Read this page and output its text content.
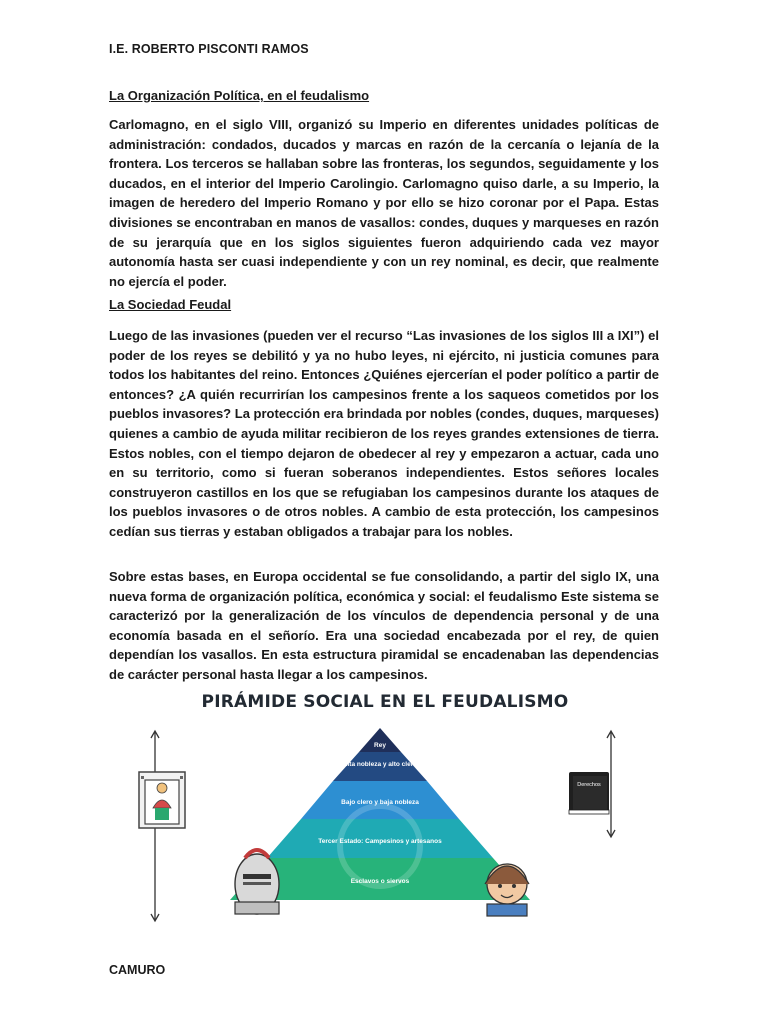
I.E. ROBERTO PISCONTI RAMOS
La Organización Política, en el feudalismo
Carlomagno, en el siglo VIII, organizó su Imperio en diferentes unidades políticas de administración: condados, ducados y marcas en razón de la cercanía o lejanía de la frontera. Los terceros se hallaban sobre las fronteras, los segundos, seguidamente y los ducados, en el interior del Imperio Carolingio. Carlomagno quiso darle, a su Imperio, la imagen de heredero del Imperio Romano y por ello se hizo coronar por el Papa. Estas divisiones se encontraban en manos de vasallos: condes, duques y marqueses en razón de su jerarquía que en los siglos siguientes fueron adquiriendo cada vez mayor autonomía hasta ser cuasi independiente y con un rey nominal, es decir, que realmente no ejercía el poder.
La Sociedad Feudal
Luego de las invasiones (pueden ver el recurso “Las invasiones de los siglos III a IXI”) el poder de los reyes se debilitó y ya no hubo leyes, ni ejército, ni justicia comunes para todos los habitantes del reino. Entonces ¿Quiénes ejercerían el poder político a partir de entonces? ¿A quién recurrirían los campesinos frente a los saqueos cometidos por los pueblos invasores? La protección era brindada por nobles (condes, duques, marqueses) quienes a cambio de ayuda militar recibieron de los reyes grandes extensiones de tierra. Estos nobles, con el tiempo dejaron de obedecer al rey y empezaron a actuar, cada uno en su territorio, como si fueran soberanos independientes. Estos señores locales construyeron castillos en los que se refugiaban los campesinos durante los ataques de los pueblos invasores o de otros nobles. A cambio de esta protección, los campesinos cedían sus tierras y estaban obligados a trabajar para los nobles.
Sobre estas bases, en Europa occidental se fue consolidando, a partir del siglo IX, una nueva forma de organización política, económica y social: el feudalismo Este sistema se caracterizó por la generalización de los vínculos de dependencia personal y de una economía basada en el señorío. Era una sociedad encabezada por el rey, de quien dependían los vasallos. En esta estructura piramidal se encadenaban las dependencias de carácter personal hasta llegar a los campesinos.
CAMURO
PIRÁMIDE SOCIAL EN EL FEUDALISMO
Rey
Alta nobleza y alto clero
Bajo clero y baja nobleza
Tercer Estado: Campesinos y artesanos
Esclavos o siervos
Derechos
